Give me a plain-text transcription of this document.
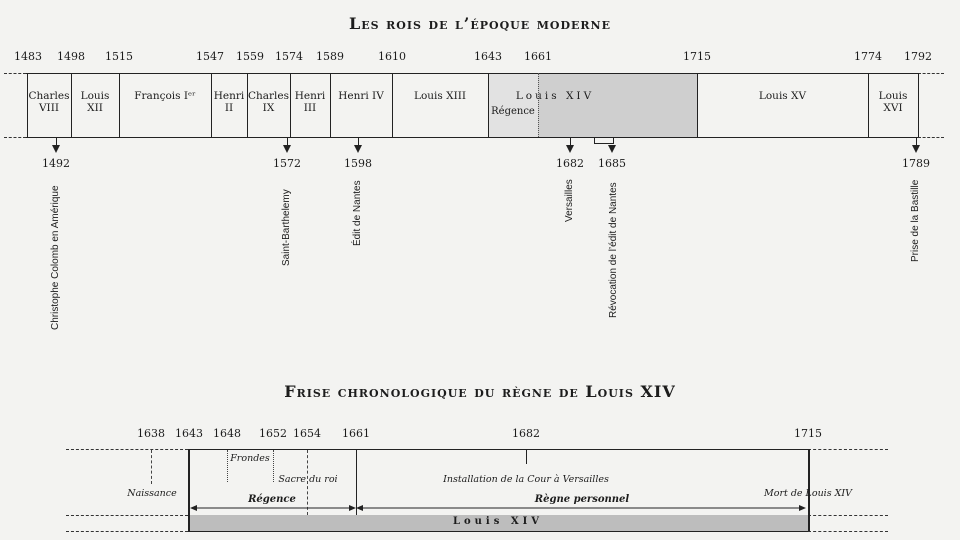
Les rois de l’époque moderne
1483 1498 1515	1547 1559 1574 1589	1610	1643 1661	1715	1774 1792
Charles
VIII
Louis
XII
François Iᵉʳ	Henri
II
Charles
IX
Henri
III
Henri IV	Louis XIII	Louis XIV	Louis XV	Louis
XVI
Régence
1492
Christophe Colomb en Amérique
1572
Saint-Barthelemy
1598
Édit de Nantes
1682
Versailles
1685
Révocation de l’édit de Nantes
1789
Prise de la Bastille
Frise chronologique du règne de Louis XIV
1638 1643 1648 1652 1654 1661	1682	1715
Louis XIV
Naissance
Frondes
Sacre du roi	Installation de la Cour à Versailles
Mort de Louis XIV
Régence	Règne personnel
